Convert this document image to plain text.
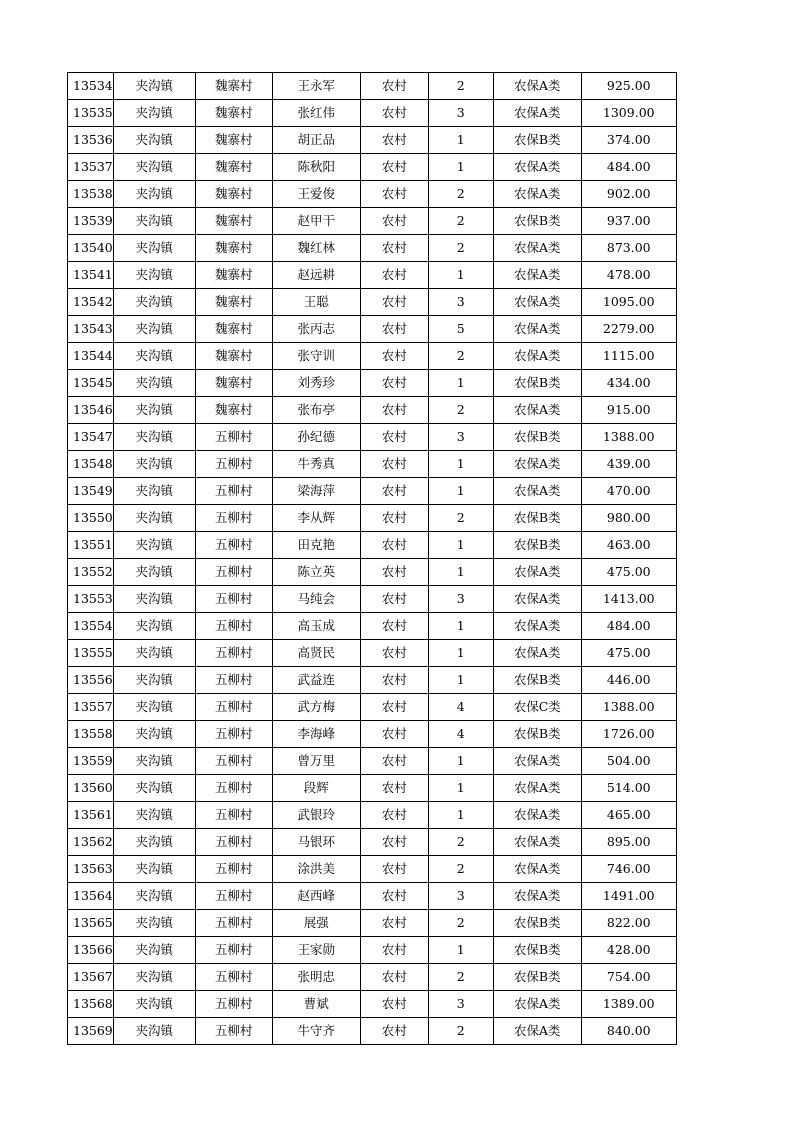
13534	夹沟镇	魏寨村	王永军	农村	2	农保A类	925.00
13535	夹沟镇	魏寨村	张红伟	农村	3	农保A类	1309.00
13536	夹沟镇	魏寨村	胡正品	农村	1	农保B类	374.00
13537	夹沟镇	魏寨村	陈秋阳	农村	1	农保A类	484.00
13538	夹沟镇	魏寨村	王爱俊	农村	2	农保A类	902.00
13539	夹沟镇	魏寨村	赵甲干	农村	2	农保B类	937.00
13540	夹沟镇	魏寨村	魏红林	农村	2	农保A类	873.00
13541	夹沟镇	魏寨村	赵远耕	农村	1	农保A类	478.00
13542	夹沟镇	魏寨村	王聪	农村	3	农保A类	1095.00
13543	夹沟镇	魏寨村	张丙志	农村	5	农保A类	2279.00
13544	夹沟镇	魏寨村	张守训	农村	2	农保A类	1115.00
13545	夹沟镇	魏寨村	刘秀珍	农村	1	农保B类	434.00
13546	夹沟镇	魏寨村	张布亭	农村	2	农保A类	915.00
13547	夹沟镇	五柳村	孙纪德	农村	3	农保B类	1388.00
13548	夹沟镇	五柳村	牛秀真	农村	1	农保A类	439.00
13549	夹沟镇	五柳村	梁海萍	农村	1	农保A类	470.00
13550	夹沟镇	五柳村	李从辉	农村	2	农保B类	980.00
13551	夹沟镇	五柳村	田克艳	农村	1	农保B类	463.00
13552	夹沟镇	五柳村	陈立英	农村	1	农保A类	475.00
13553	夹沟镇	五柳村	马纯会	农村	3	农保A类	1413.00
13554	夹沟镇	五柳村	高玉成	农村	1	农保A类	484.00
13555	夹沟镇	五柳村	高贤民	农村	1	农保A类	475.00
13556	夹沟镇	五柳村	武益连	农村	1	农保B类	446.00
13557	夹沟镇	五柳村	武方梅	农村	4	农保C类	1388.00
13558	夹沟镇	五柳村	李海峰	农村	4	农保B类	1726.00
13559	夹沟镇	五柳村	曾万里	农村	1	农保A类	504.00
13560	夹沟镇	五柳村	段辉	农村	1	农保A类	514.00
13561	夹沟镇	五柳村	武银玲	农村	1	农保A类	465.00
13562	夹沟镇	五柳村	马银环	农村	2	农保A类	895.00
13563	夹沟镇	五柳村	涂洪美	农村	2	农保A类	746.00
13564	夹沟镇	五柳村	赵西峰	农村	3	农保A类	1491.00
13565	夹沟镇	五柳村	展强	农村	2	农保B类	822.00
13566	夹沟镇	五柳村	王家勋	农村	1	农保B类	428.00
13567	夹沟镇	五柳村	张明忠	农村	2	农保B类	754.00
13568	夹沟镇	五柳村	曹斌	农村	3	农保A类	1389.00
13569	夹沟镇	五柳村	牛守齐	农村	2	农保A类	840.00
